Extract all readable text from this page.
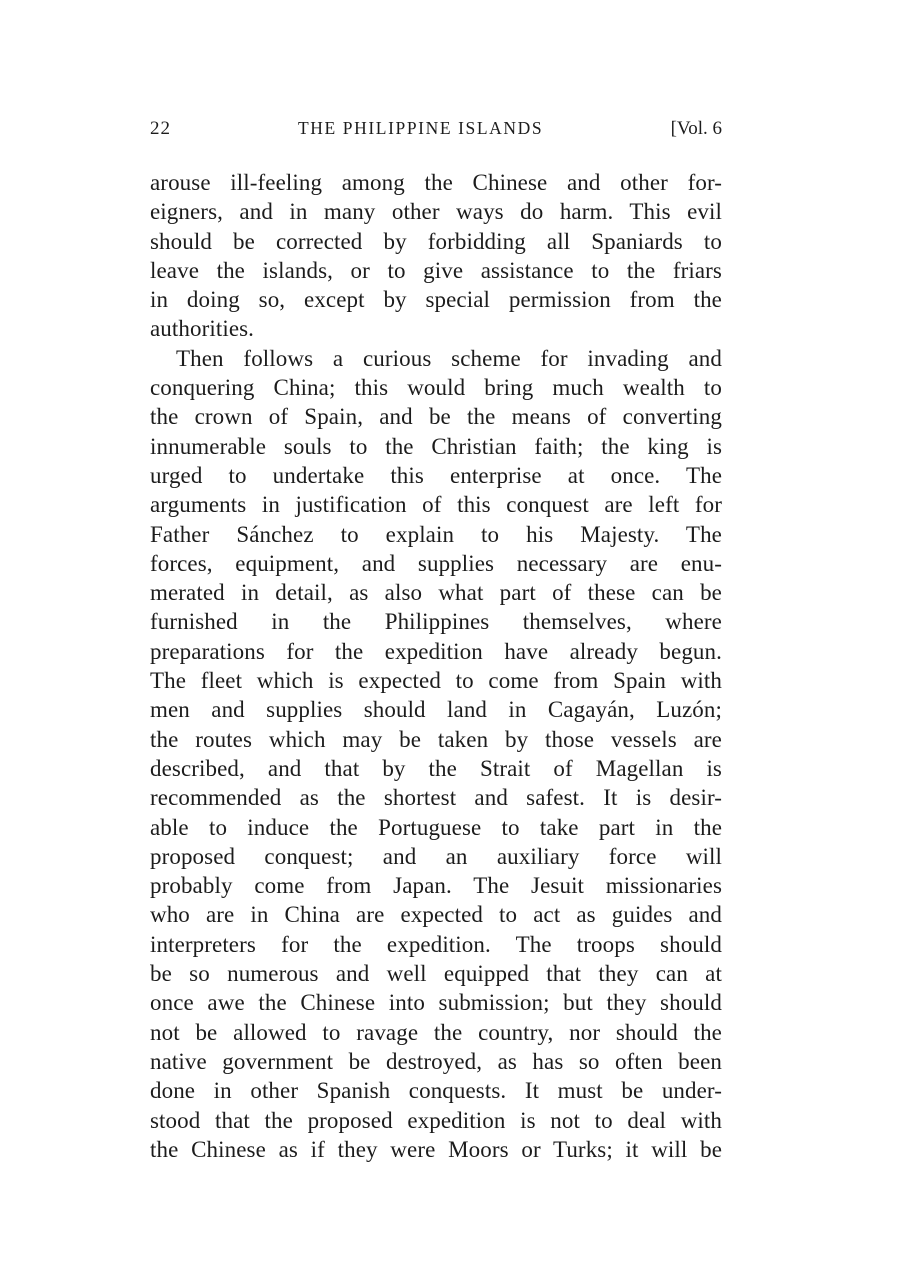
22	THE PHILIPPINE ISLANDS	[Vol. 6
arouse ill-feeling among the Chinese and other for-
eigners, and in many other ways do harm. This evil
should be corrected by forbidding all Spaniards to
leave the islands, or to give assistance to the friars
in doing so, except by special permission from the
authorities.
Then follows a curious scheme for invading and
conquering China; this would bring much wealth to
the crown of Spain, and be the means of converting
innumerable souls to the Christian faith; the king is
urged to undertake this enterprise at once. The
arguments in justification of this conquest are left for
Father Sánchez to explain to his Majesty. The
forces, equipment, and supplies necessary are enu-
merated in detail, as also what part of these can be
furnished in the Philippines themselves, where
preparations for the expedition have already begun.
The fleet which is expected to come from Spain with
men and supplies should land in Cagayán, Luzón;
the routes which may be taken by those vessels are
described, and that by the Strait of Magellan is
recommended as the shortest and safest. It is desir-
able to induce the Portuguese to take part in the
proposed conquest; and an auxiliary force will
probably come from Japan. The Jesuit missionaries
who are in China are expected to act as guides and
interpreters for the expedition. The troops should
be so numerous and well equipped that they can at
once awe the Chinese into submission; but they should
not be allowed to ravage the country, nor should the
native government be destroyed, as has so often been
done in other Spanish conquests. It must be under-
stood that the proposed expedition is not to deal with
the Chinese as if they were Moors or Turks; it will be
